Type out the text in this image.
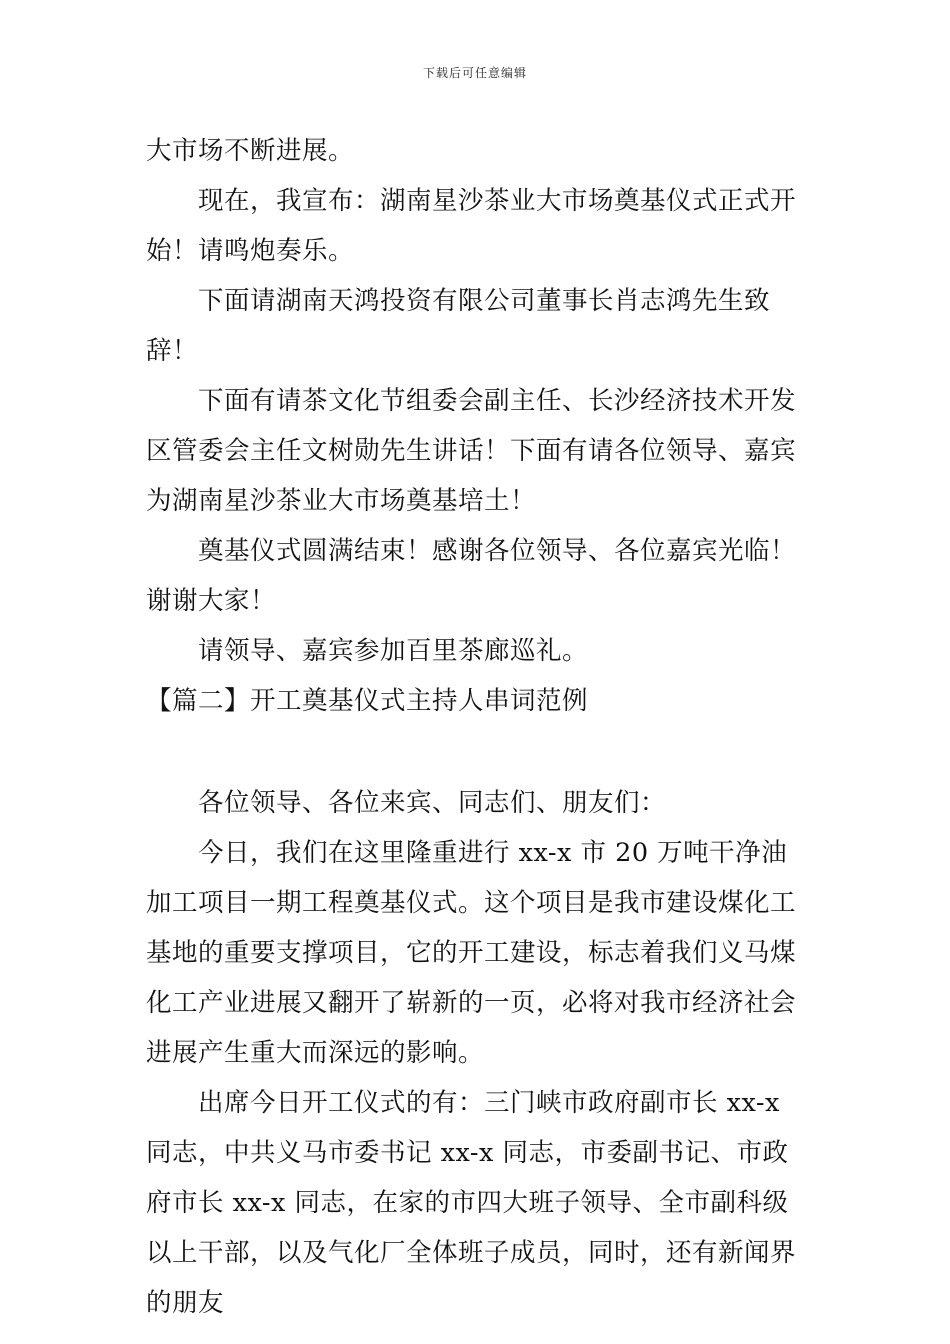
下载后可任意编辑

大市场不断进展。

现在，我宣布：湖南星沙茶业大市场奠基仪式正式开始！请鸣炮奏乐。

下面请湖南天鸿投资有限公司董事长肖志鸿先生致辞！

下面有请茶文化节组委会副主任、长沙经济技术开发区管委会主任文树勋先生讲话！下面有请各位领导、嘉宾为湖南星沙茶业大市场奠基培土！

奠基仪式圆满结束！感谢各位领导、各位嘉宾光临！谢谢大家！

请领导、嘉宾参加百里茶廊巡礼。

【篇二】开工奠基仪式主持人串词范例

各位领导、各位来宾、同志们、朋友们：

今日，我们在这里隆重进行 xx-x 市 20 万吨干净油加工项目一期工程奠基仪式。这个项目是我市建设煤化工基地的重要支撑项目，它的开工建设，标志着我们义马煤化工产业进展又翻开了崭新的一页，必将对我市经济社会进展产生重大而深远的影响。

出席今日开工仪式的有：三门峡市政府副市长 xx-x 同志，中共义马市委书记 xx-x 同志，市委副书记、市政府市长 xx-x 同志，在家的市四大班子领导、全市副科级以上干部，以及气化厂全体班子成员，同时，还有新闻界的朋友
